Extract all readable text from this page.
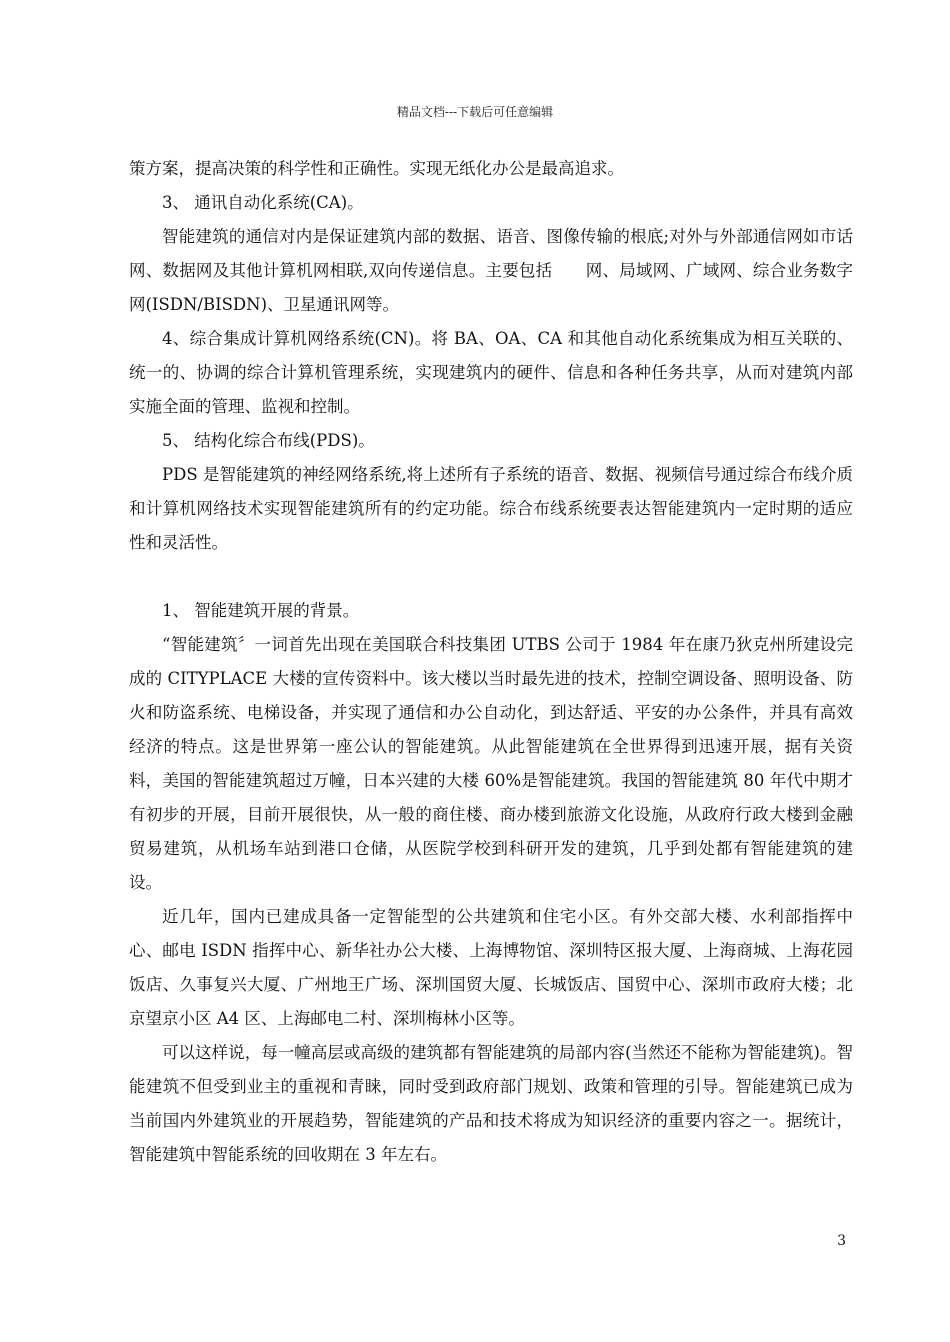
精品文档---下载后可任意编辑

策方案，提高决策的科学性和正确性。实现无纸化办公是最高追求。

3、 通讯自动化系统(CA)。

智能建筑的通信对内是保证建筑内部的数据、语音、图像传输的根底;对外与外部通信网如市话网、数据网及其他计算机网相联,双向传递信息。主要包括　　网、局域网、广域网、综合业务数字网(ISDN/BISDN)、卫星通讯网等。

4、综合集成计算机网络系统(CN)。将 BA、OA、CA 和其他自动化系统集成为相互关联的、统一的、协调的综合计算机管理系统，实现建筑内的硬件、信息和各种任务共享，从而对建筑内部实施全面的管理、监视和控制。

5、 结构化综合布线(PDS)。

PDS 是智能建筑的神经网络系统,将上述所有子系统的语音、数据、视频信号通过综合布线介质和计算机网络技术实现智能建筑所有的约定功能。综合布线系统要表达智能建筑内一定时期的适应性和灵活性。

1、 智能建筑开展的背景。

“智能建筑〞一词首先出现在美国联合科技集团 UTBS 公司于 1984 年在康乃狄克州所建设完成的 CITYPLACE 大楼的宣传资料中。该大楼以当时最先进的技术，控制空调设备、照明设备、防火和防盗系统、电梯设备，并实现了通信和办公自动化，到达舒适、平安的办公条件，并具有高效经济的特点。这是世界第一座公认的智能建筑。从此智能建筑在全世界得到迅速开展，据有关资料，美国的智能建筑超过万幢，日本兴建的大楼 60%是智能建筑。我国的智能建筑 80 年代中期才有初步的开展，目前开展很快，从一般的商住楼、商办楼到旅游文化设施，从政府行政大楼到金融贸易建筑，从机场车站到港口仓储，从医院学校到科研开发的建筑，几乎到处都有智能建筑的建设。

近几年，国内已建成具备一定智能型的公共建筑和住宅小区。有外交部大楼、水利部指挥中心、邮电 ISDN 指挥中心、新华社办公大楼、上海博物馆、深圳特区报大厦、上海商城、上海花园饭店、久事复兴大厦、广州地王广场、深圳国贸大厦、长城饭店、国贸中心、深圳市政府大楼；北京望京小区 A4 区、上海邮电二村、深圳梅林小区等。

可以这样说，每一幢高层或高级的建筑都有智能建筑的局部内容(当然还不能称为智能建筑)。智能建筑不但受到业主的重视和青睐，同时受到政府部门规划、政策和管理的引导。智能建筑已成为当前国内外建筑业的开展趋势，智能建筑的产品和技术将成为知识经济的重要内容之一。据统计，智能建筑中智能系统的回收期在 3 年左右。

3
